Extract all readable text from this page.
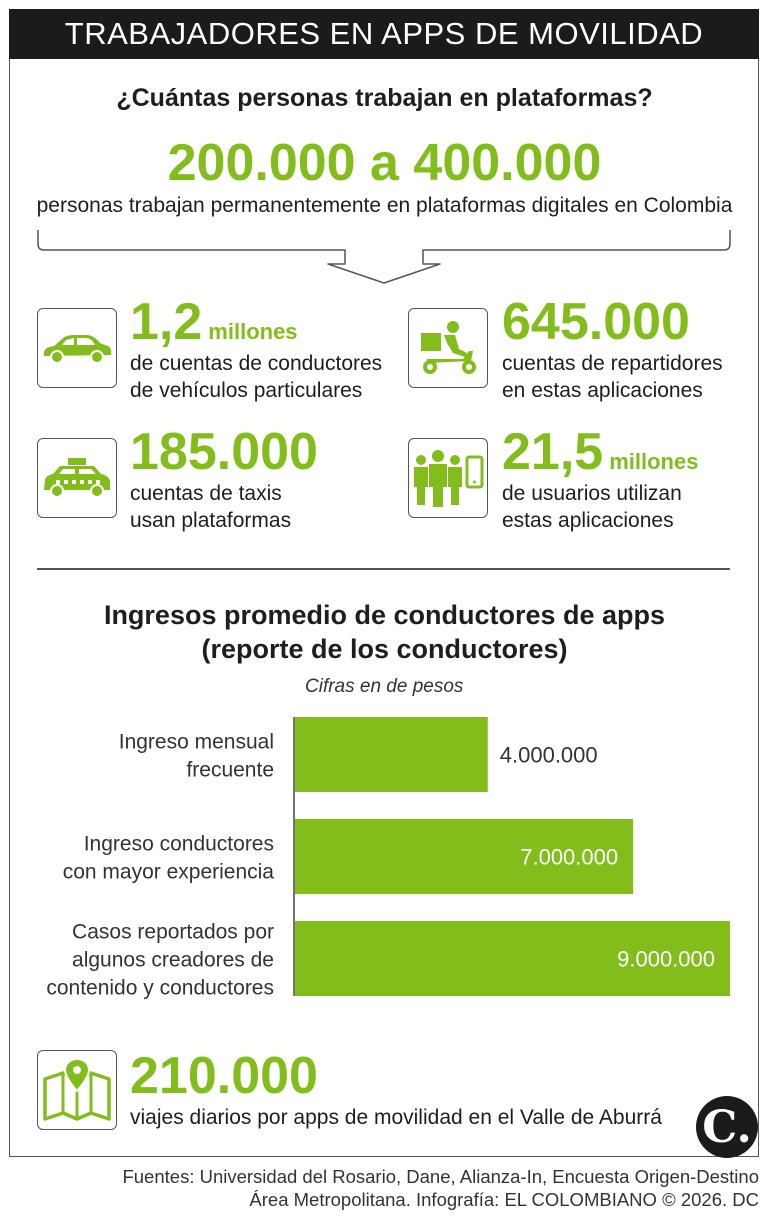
TRABAJADORES EN APPS DE MOVILIDAD
¿Cuántas personas trabajan en plataformas?
200.000 a 400.000
personas trabajan permanentemente en plataformas digitales en Colombia
1,2 millones
de cuentas de conductores
de vehículos particulares
645.000
cuentas de repartidores
en estas aplicaciones
185.000
cuentas de taxis
usan plataformas
21,5 millones
de usuarios utilizan
estas aplicaciones
Ingresos promedio de conductores de apps
(reporte de los conductores)
Cifras en de pesos
4.000.000
Ingreso mensual
frecuente
7.000.000
Ingreso conductores
con mayor experiencia
9.000.000
Casos reportados por
algunos creadores de
contenido y conductores
210.000
viajes diarios por apps de movilidad en el Valle de Aburrá C.
Fuentes: Universidad del Rosario, Dane, Alianza-In, Encuesta Origen-Destino
Área Metropolitana. Infografía: EL COLOMBIANO © 2026. DC
